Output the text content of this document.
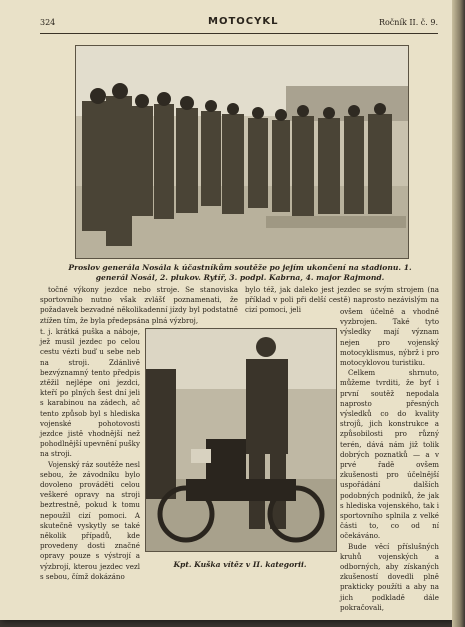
324	MOTOCYKL	Ročník II. č. 9.
Proslov generála Nosála k účastníkům soutěže po jejím ukončení na stadionu. 1. generál Nosál, 2. plukov. Rytíř, 3. podpl. Kabrna, 4. major Rajmond.

točné výkony jezdce nebo stroje. Se stanoviska sportovního nutno však zvlášť poznamenati, že požadavek bezvadné několikadenní jízdy byl podstatně ztížen tím, že byla předepsána plná výzbroj,

bylo též, jak daleko jest jezdec se svým strojem (na příklad v poli při delší cestě) naprosto nezávislým na cizí pomoci, jeli

t. j. krátká puška a náboje, jež musil jezdec po celou cestu vézti buď u sebe neb na stroji. Zdánlivě bezvýznamný tento předpis ztěžil nejlépe oni jezdci, kteří po plných šest dní jeli s karabinou na zádech, ač tento způsob byl s hlediska vojenské pohotovosti jezdce jistě vhodnější než pohodlnější upevnění pušky na stroji.

Vojenský ráz soutěže nesl sebou, že závodníku bylo dovoleno prováděti celou veškeré opravy na stroji beztrestně, pokud k tomu nepoužil cizí pomoci. A skutečně vyskytly se také několik případů, kde provedeny dosti značné opravy pouze s výstrojí a výzbrojí, kterou jezdec vezl s sebou, čímž dokázáno

Kpt. Kuška vítěz v II. kategorii.

ovšem účelně a vhodně vyzbrojen. Také tyto výsledky mají význam nejen pro vojenský motocyklismus, nýbrž i pro motocyklovou turistiku.

Celkem shrnuto, můžeme tvrditi, že byť i první soutěž nepodala naprosto přesných výsledků co do kvality strojů, jich konstrukce a způsobilosti pro různý terén, dává nám již tolik dobrých poznatků — a v prvé řadě ovšem zkušenosti pro účelnější uspořádání dalších podobných podniků, že jak s hlediska vojenského, tak i sportovního splnila z velké části to, co od ní očekáváno.

Bude věcí příslušných kruhů vojenských a odborných, aby získaných zkušeností dovedli plně prakticky použíti a aby na jich podkladě dále pokračovali,
